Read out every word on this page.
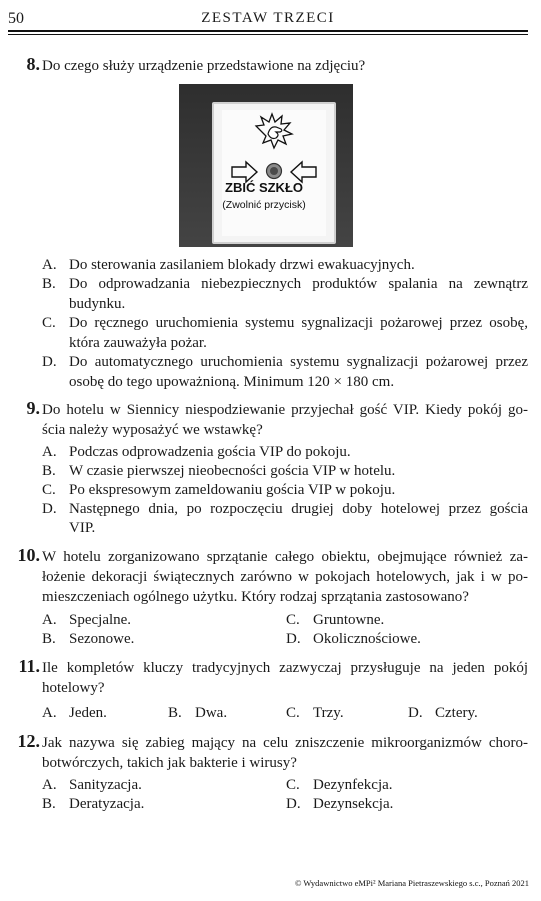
50	ZESTAW TRZECI
8. Do czego służy urządzenie przedstawione na zdjęciu?
ZBIĆ SZKŁO
(Zwolnić przycisk)
A. Do sterowania zasilaniem blokady drzwi ewakuacyjnych.
B. Do odprowadzania niebezpiecznych produktów spalania na zewnątrz
budynku.
C. Do ręcznego uruchomienia systemu sygnalizacji pożarowej przez osobę,
która zauważyła pożar.
D. Do automatycznego uruchomienia systemu sygnalizacji pożarowej przez
osobę do tego upoważnioną. Minimum 120 × 180 cm.
9. Do hotelu w Siennicy niespodziewanie przyjechał gość VIP. Kiedy pokój go-
ścia należy wyposażyć we wstawkę?
A. Podczas odprowadzenia gościa VIP do pokoju.
B. W czasie pierwszej nieobecności gościa VIP w hotelu.
C. Po ekspresowym zameldowaniu gościa VIP w pokoju.
D. Następnego dnia, po rozpoczęciu drugiej doby hotelowej przez gościa
VIP.
10. W hotelu zorganizowano sprzątanie całego obiektu, obejmujące również za-
łożenie dekoracji świątecznych zarówno w pokojach hotelowych, jak i w po-
mieszczeniach ogólnego użytku. Który rodzaj sprzątania zastosowano?
A. Specjalne.
B. Sezonowe.
C. Gruntowne.
D. Okolicznościowe.
11. Ile kompletów kluczy tradycyjnych zazwyczaj przysługuje na jeden pokój
hotelowy?
A. Jeden.	B. Dwa.	C. Trzy.	D. Cztery.
12. Jak nazywa się zabieg mający na celu zniszczenie mikroorganizmów choro-
botwórczych, takich jak bakterie i wirusy?
A. Sanityzacja.
B. Deratyzacja.
C. Dezynfekcja.
D. Dezynsekcja.
© Wydawnictwo eMPi² Mariana Pietraszewskiego s.c., Poznań 2021
